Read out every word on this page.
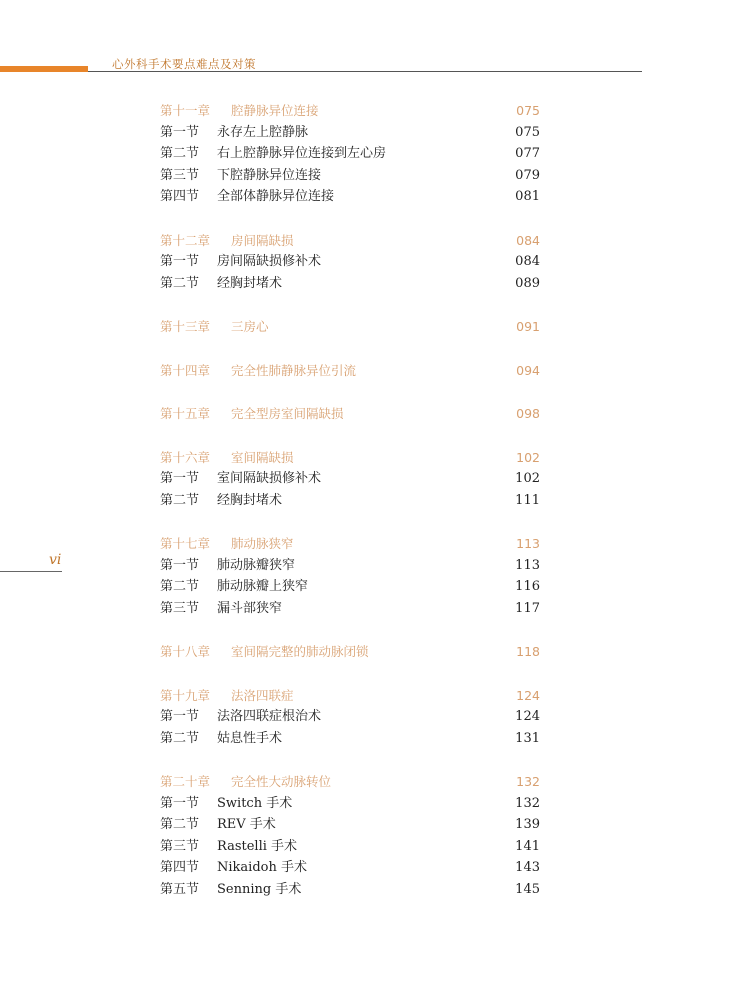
心外科手术要点难点及对策
vi
第十一章 腔静脉异位连接	075
第一节 永存左上腔静脉	075
第二节 右上腔静脉异位连接到左心房	077
第三节 下腔静脉异位连接	079
第四节 全部体静脉异位连接	081
第十二章 房间隔缺损	084
第一节 房间隔缺损修补术	084
第二节 经胸封堵术	089
第十三章 三房心	091
第十四章 完全性肺静脉异位引流	094
第十五章 完全型房室间隔缺损	098
第十六章 室间隔缺损	102
第一节 室间隔缺损修补术	102
第二节 经胸封堵术	111
第十七章 肺动脉狭窄	113
第一节 肺动脉瓣狭窄	113
第二节 肺动脉瓣上狭窄	116
第三节 漏斗部狭窄	117
第十八章 室间隔完整的肺动脉闭锁	118
第十九章 法洛四联症	124
第一节 法洛四联症根治术	124
第二节 姑息性手术	131
第二十章 完全性大动脉转位	132
第一节 Switch 手术	132
第二节 REV 手术	139
第三节 Rastelli 手术	141
第四节 Nikaidoh 手术	143
第五节 Senning 手术	145
